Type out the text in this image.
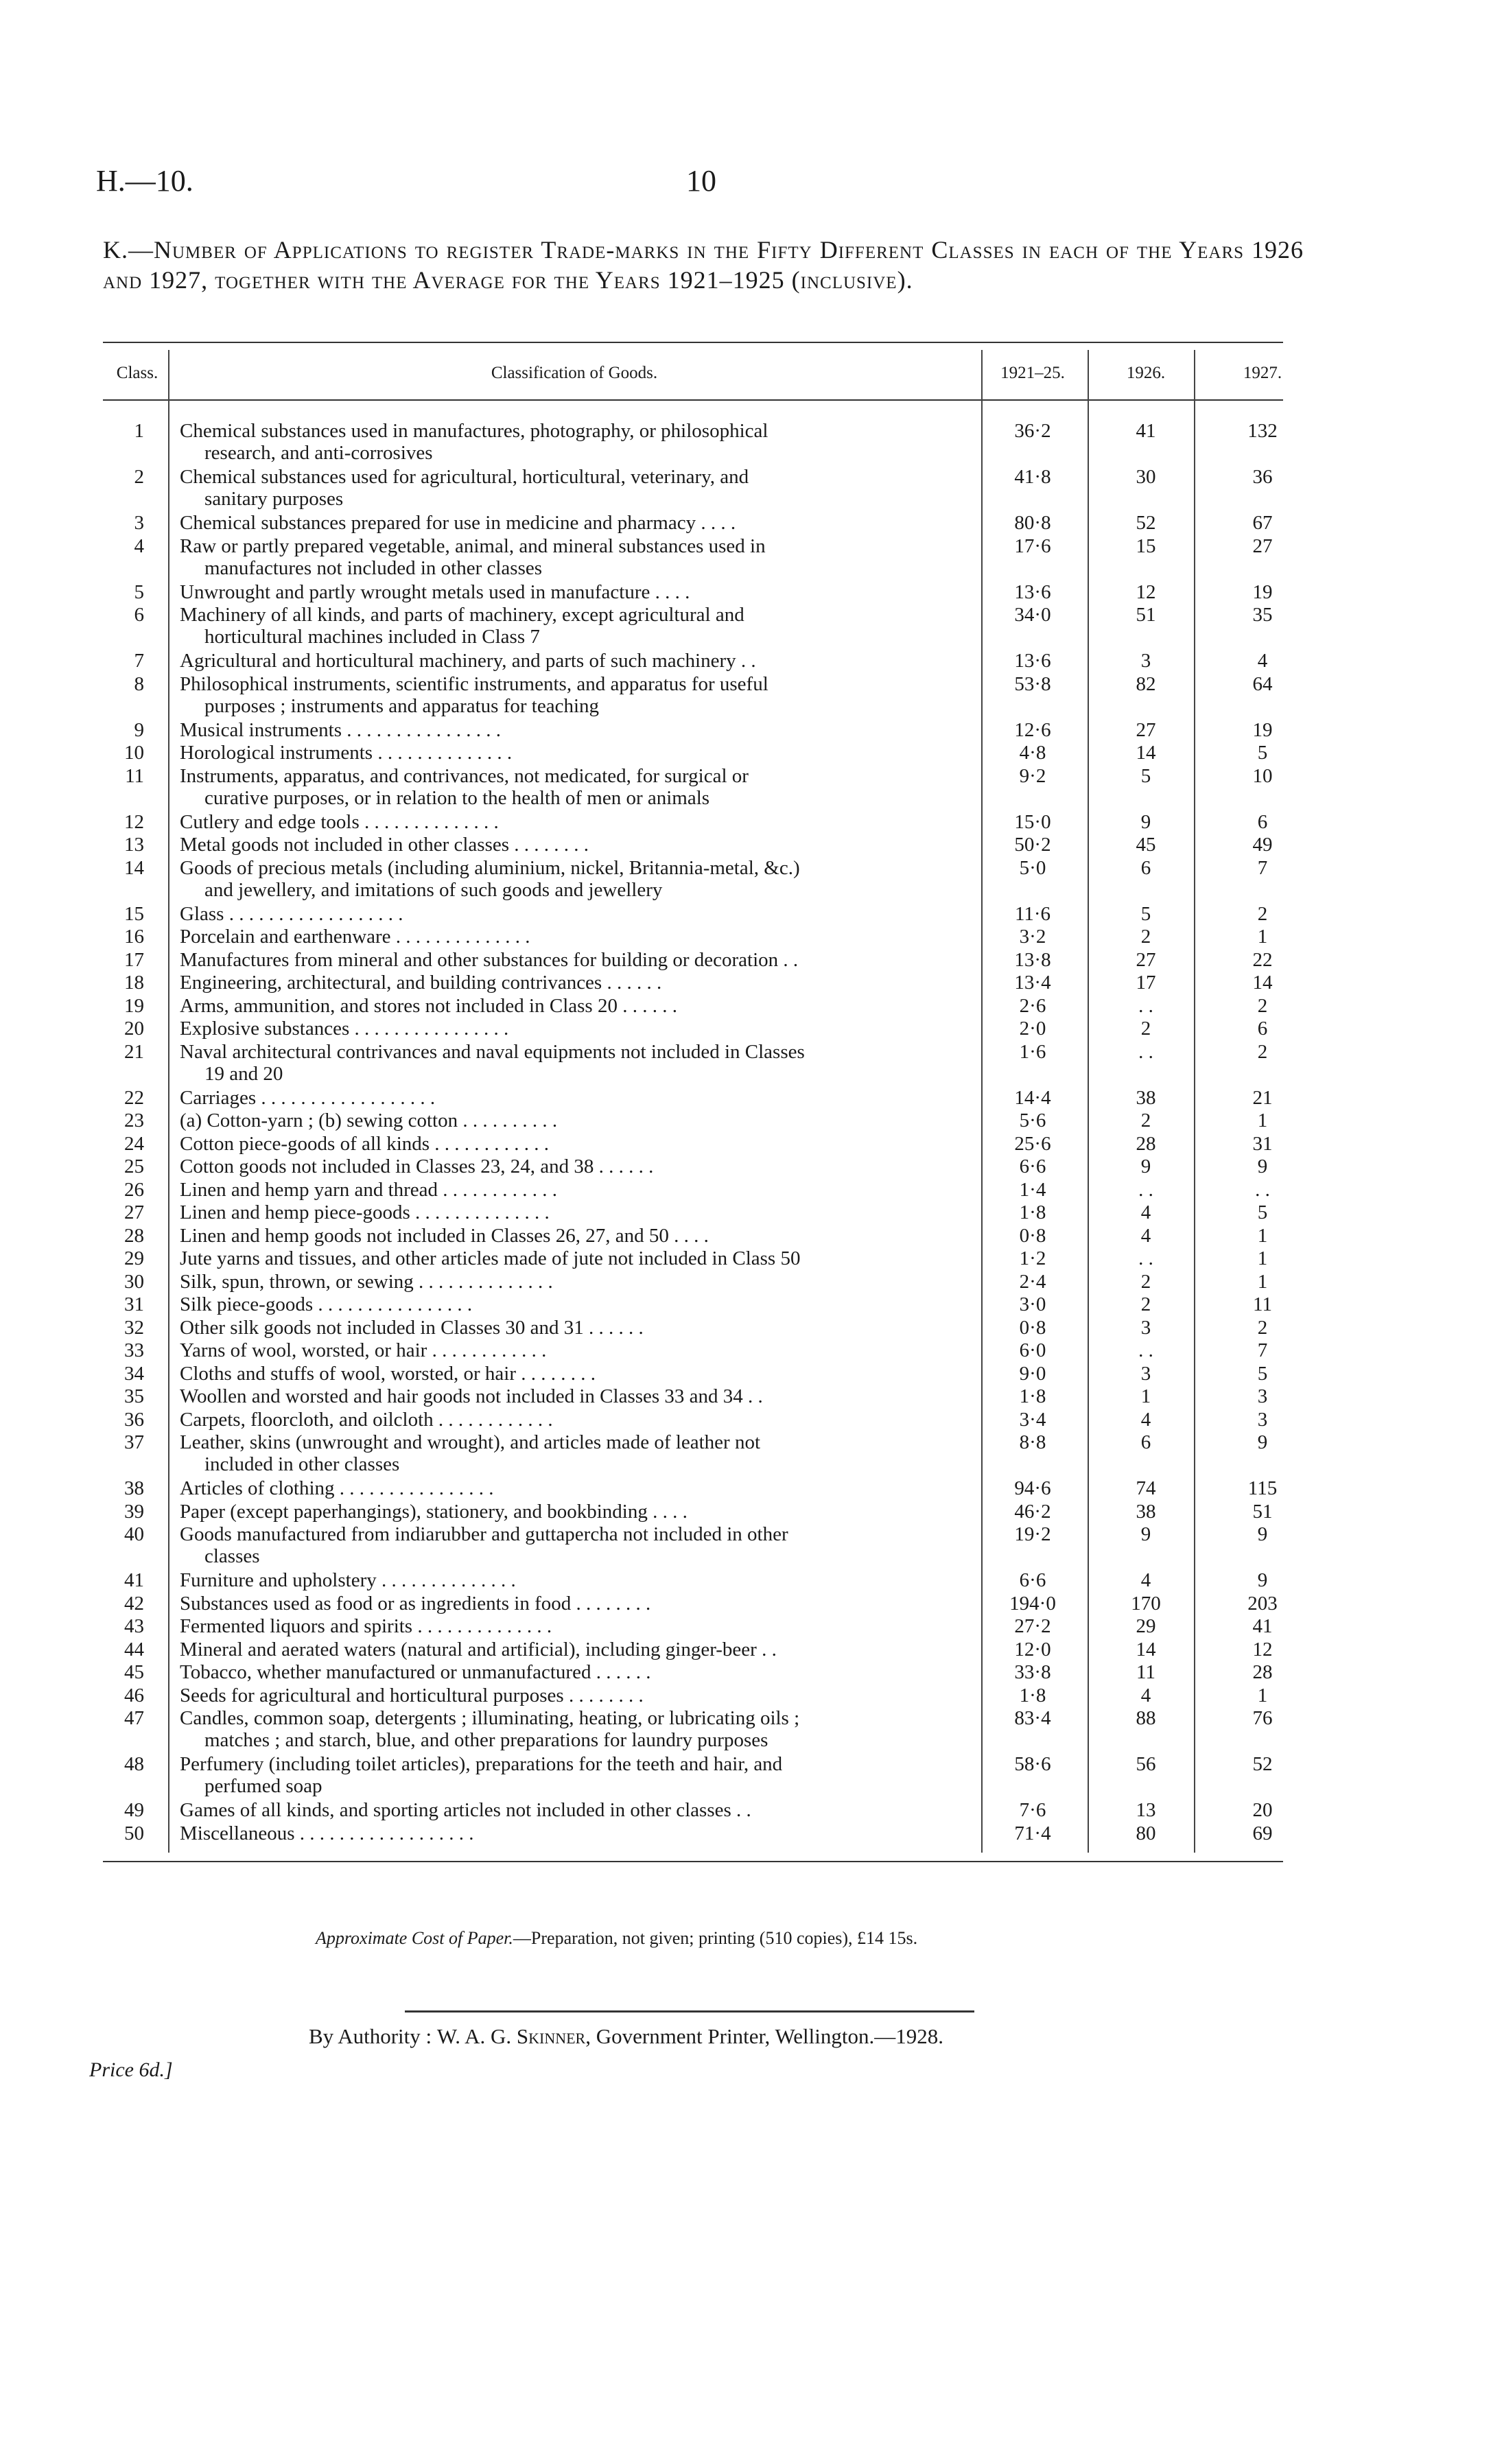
H.—10.	10
K.—Number of Applications to register Trade-marks in the Fifty Different Classes in each of the Years 1926 and 1927, together with the Average for the Years 1921–1925 (inclusive).
Class.	Classification of Goods.	1921–25.	1926.	1927.
1 Chemical substances used in manufactures, photography, or philosophical
research, and anti-corrosives
36·2	41	132
2 Chemical substances used for agricultural, horticultural, veterinary, and
sanitary purposes
41·8	30	36
3 Chemical substances prepared for use in medicine and pharmacy . . . .	80·8	52	67
4 Raw or partly prepared vegetable, animal, and mineral substances used in
manufactures not included in other classes
17·6	15	27
5 Unwrought and partly wrought metals used in manufacture . . . .	13·6	12	19
6 Machinery of all kinds, and parts of machinery, except agricultural and
horticultural machines included in Class 7
34·0	51	35
7 Agricultural and horticultural machinery, and parts of such machinery . .	13·6	3	4
8 Philosophical instruments, scientific instruments, and apparatus for useful
purposes ; instruments and apparatus for teaching
53·8	82	64
9 Musical instruments . . . . . . . . . . . . . . . .	12·6	27	19
10 Horological instruments . . . . . . . . . . . . . .	4·8	14	5
11 Instruments, apparatus, and contrivances, not medicated, for surgical or
curative purposes, or in relation to the health of men or animals
9·2	5	10
12 Cutlery and edge tools . . . . . . . . . . . . . .	15·0	9	6
13 Metal goods not included in other classes . . . . . . . .	50·2	45	49
14 Goods of precious metals (including aluminium, nickel, Britannia-metal, &c.)
and jewellery, and imitations of such goods and jewellery
5·0	6	7
15 Glass . . . . . . . . . . . . . . . . . .	11·6	5	2
16 Porcelain and earthenware . . . . . . . . . . . . . .	3·2	2	1
17 Manufactures from mineral and other substances for building or decoration . .	13·8	27	22
18 Engineering, architectural, and building contrivances . . . . . .	13·4	17	14
19 Arms, ammunition, and stores not included in Class 20 . . . . . .	2·6	. .	2
20 Explosive substances . . . . . . . . . . . . . . . .	2·0	2	6
21 Naval architectural contrivances and naval equipments not included in Classes
19 and 20
1·6	. .	2
22 Carriages . . . . . . . . . . . . . . . . . .	14·4	38	21
23 (a) Cotton-yarn ; (b) sewing cotton . . . . . . . . . .	5·6	2	1
24 Cotton piece-goods of all kinds . . . . . . . . . . . .	25·6	28	31
25 Cotton goods not included in Classes 23, 24, and 38 . . . . . .	6·6	9	9
26 Linen and hemp yarn and thread . . . . . . . . . . . .	1·4	. .	. .
27 Linen and hemp piece-goods . . . . . . . . . . . . . .	1·8	4	5
28 Linen and hemp goods not included in Classes 26, 27, and 50 . . . .	0·8	4	1
29 Jute yarns and tissues, and other articles made of jute not included in Class 50	1·2	. .	1
30 Silk, spun, thrown, or sewing . . . . . . . . . . . . . .	2·4	2	1
31 Silk piece-goods . . . . . . . . . . . . . . . .	3·0	2	11
32 Other silk goods not included in Classes 30 and 31 . . . . . .	0·8	3	2
33 Yarns of wool, worsted, or hair . . . . . . . . . . . .	6·0	. .	7
34 Cloths and stuffs of wool, worsted, or hair . . . . . . . .	9·0	3	5
35 Woollen and worsted and hair goods not included in Classes 33 and 34 . .	1·8	1	3
36 Carpets, floorcloth, and oilcloth . . . . . . . . . . . .	3·4	4	3
37 Leather, skins (unwrought and wrought), and articles made of leather not
included in other classes
8·8	6	9
38 Articles of clothing . . . . . . . . . . . . . . . .	94·6	74	115
39 Paper (except paperhangings), stationery, and bookbinding . . . .	46·2	38	51
40 Goods manufactured from indiarubber and guttapercha not included in other
classes
19·2	9	9
41 Furniture and upholstery . . . . . . . . . . . . . .	6·6	4	9
42 Substances used as food or as ingredients in food . . . . . . . .	194·0	170	203
43 Fermented liquors and spirits . . . . . . . . . . . . . .	27·2	29	41
44 Mineral and aerated waters (natural and artificial), including ginger-beer . .	12·0	14	12
45 Tobacco, whether manufactured or unmanufactured . . . . . .	33·8	11	28
46 Seeds for agricultural and horticultural purposes . . . . . . . .	1·8	4	1
47 Candles, common soap, detergents ; illuminating, heating, or lubricating oils ;
matches ; and starch, blue, and other preparations for laundry purposes
83·4	88	76
48 Perfumery (including toilet articles), preparations for the teeth and hair, and
perfumed soap
58·6	56	52
49 Games of all kinds, and sporting articles not included in other classes . .	7·6	13	20
50 Miscellaneous . . . . . . . . . . . . . . . . . .	71·4	80	69
Approximate Cost of Paper.—Preparation, not given; printing (510 copies), £14 15s.
By Authority : W. A. G. Skinner, Government Printer, Wellington.—1928.
Price 6d.]
